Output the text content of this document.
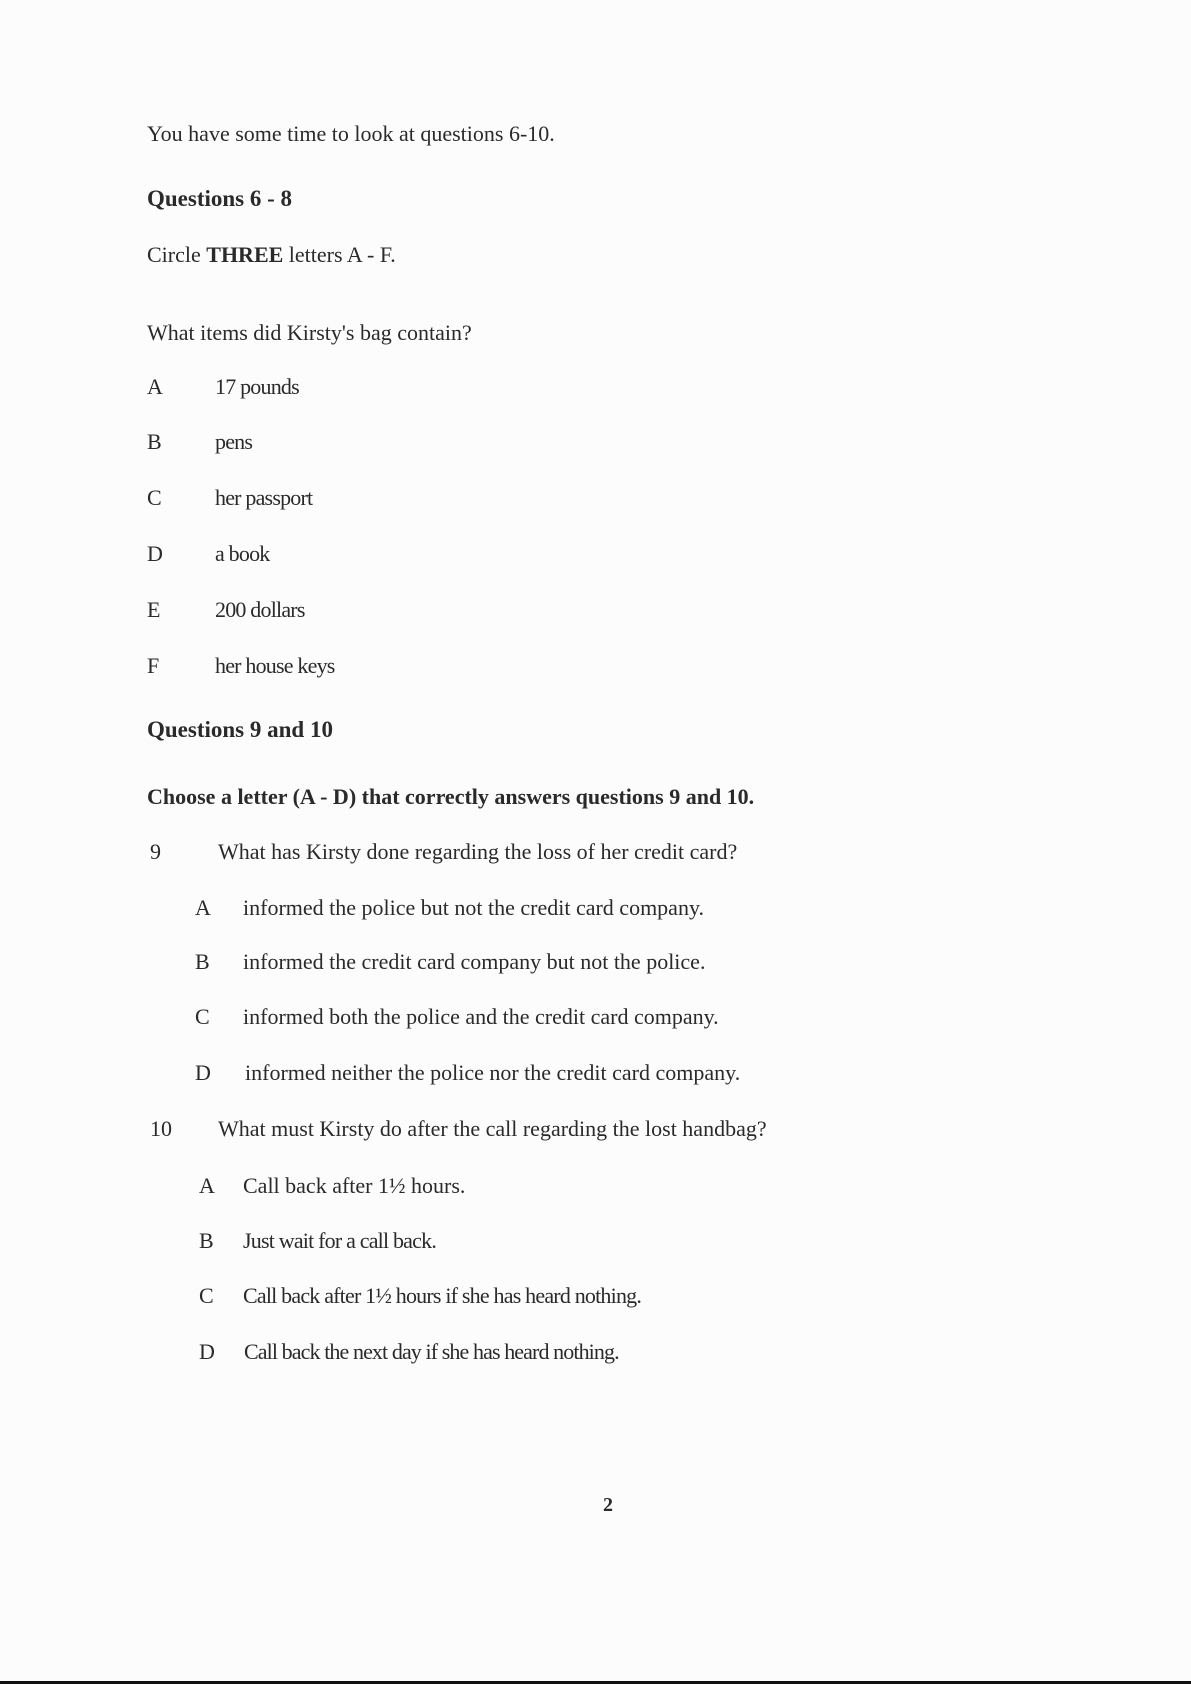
You have some time to look at questions 6-10.
Questions 6 - 8
Circle THREE letters A - F.
What items did Kirsty's bag contain?
A 17 pounds
B pens
C her passport
D a book
E 200 dollars
F	her house keys
Questions 9 and 10
Choose a letter (A - D) that correctly answers questions 9 and 10.
9	What has Kirsty done regarding the loss of her credit card?
A informed the police but not the credit card company.
B informed the credit card company but not the police.
C informed both the police and the credit card company.
D informed neither the police nor the credit card company.
10 What must Kirsty do after the call regarding the lost handbag?
A Call back after 1½ hours.
B Just wait for a call back.
C Call back after 1½ hours if she has heard nothing.
D Call back the next day if she has heard nothing.
2
